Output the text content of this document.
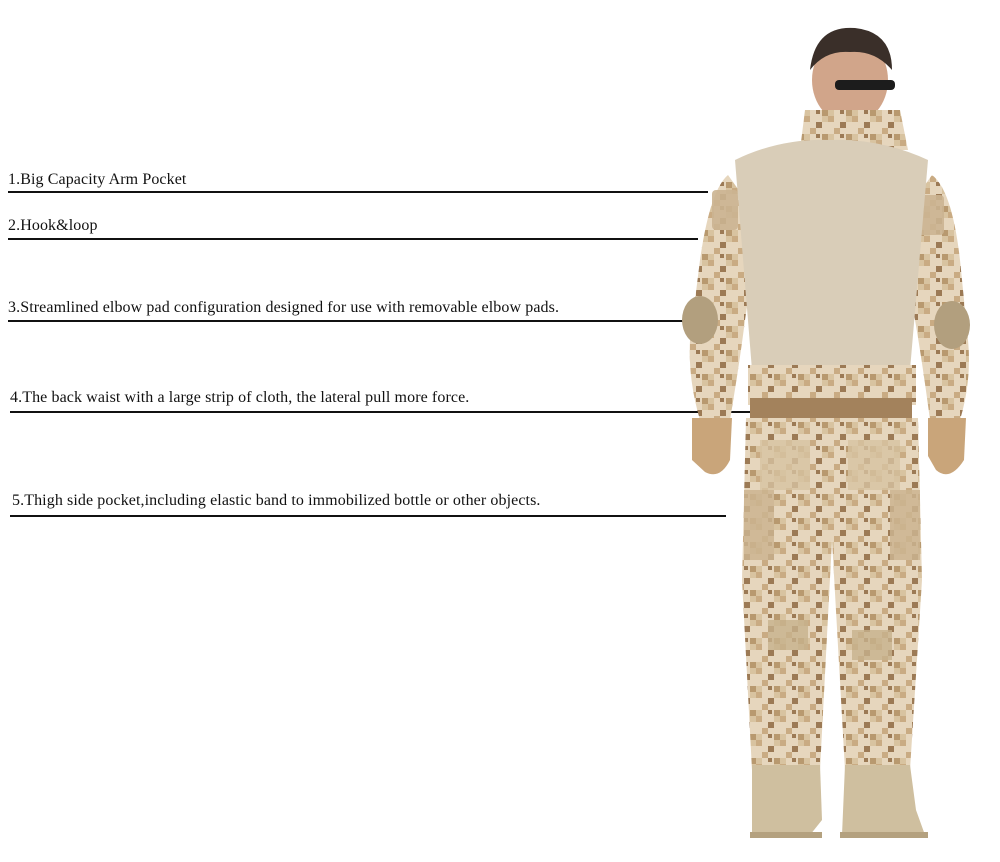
1.Big Capacity Arm Pocket
2.Hook&loop
3.Streamlined elbow pad configuration designed for use with removable elbow pads.
4.The back waist with a large strip of cloth, the lateral pull more force.
5.Thigh side pocket,including elastic band to immobilized bottle or other objects.
